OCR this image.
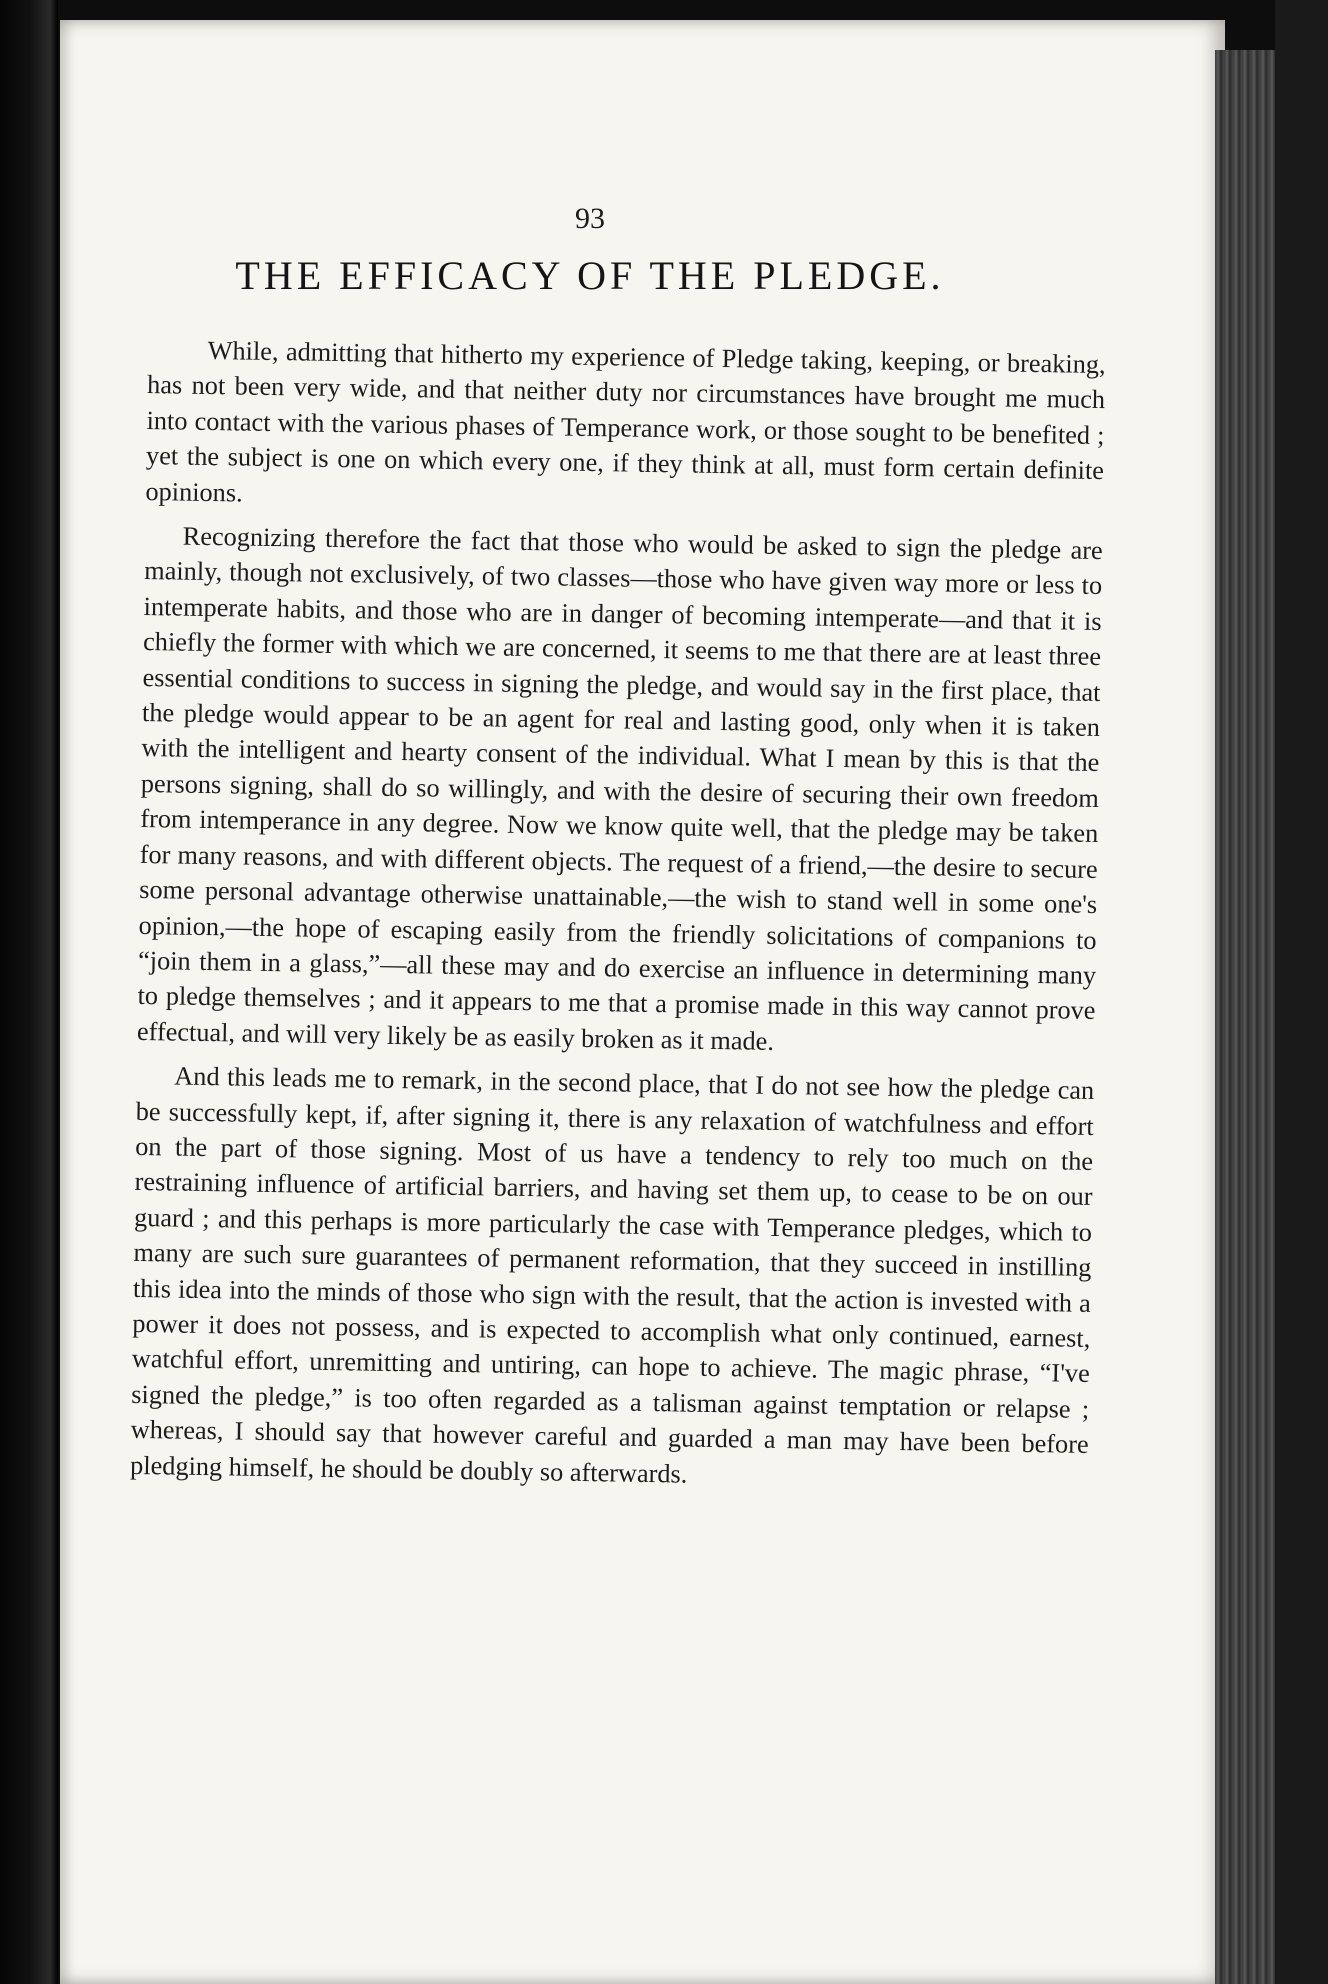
93
THE EFFICACY OF THE PLEDGE.

While, admitting that hitherto my experience of Pledge taking, keeping, or breaking, has not been very wide, and that neither duty nor circumstances have brought me much into contact with the various phases of Temperance work, or those sought to be benefited ; yet the subject is one on which every one, if they think at all, must form certain definite opinions.

Recognizing therefore the fact that those who would be asked to sign the pledge are mainly, though not exclusively, of two classes—those who have given way more or less to intemperate habits, and those who are in danger of becoming intemperate—and that it is chiefly the former with which we are concerned, it seems to me that there are at least three essential conditions to success in signing the pledge, and would say in the first place, that the pledge would appear to be an agent for real and lasting good, only when it is taken with the intelligent and hearty consent of the individual. What I mean by this is that the persons signing, shall do so willingly, and with the desire of securing their own freedom from intemperance in any degree. Now we know quite well, that the pledge may be taken for many reasons, and with different objects. The request of a friend,—the desire to secure some personal advantage otherwise unattainable,—the wish to stand well in some one's opinion,—the hope of escaping easily from the friendly solicitations of companions to “join them in a glass,”—all these may and do exercise an influence in determining many to pledge themselves ; and it appears to me that a promise made in this way cannot prove effectual, and will very likely be as easily broken as it made.

And this leads me to remark, in the second place, that I do not see how the pledge can be successfully kept, if, after signing it, there is any relaxation of watchfulness and effort on the part of those signing. Most of us have a tendency to rely too much on the restraining influence of artificial barriers, and having set them up, to cease to be on our guard ; and this perhaps is more particularly the case with Temperance pledges, which to many are such sure guarantees of permanent reformation, that they succeed in instilling this idea into the minds of those who sign with the result, that the action is invested with a power it does not possess, and is expected to accomplish what only continued, earnest, watchful effort, unremitting and untiring, can hope to achieve. The magic phrase, “I've signed the pledge,” is too often regarded as a talisman against temptation or relapse ; whereas, I should say that however careful and guarded a man may have been before pledging himself, he should be doubly so afterwards.
